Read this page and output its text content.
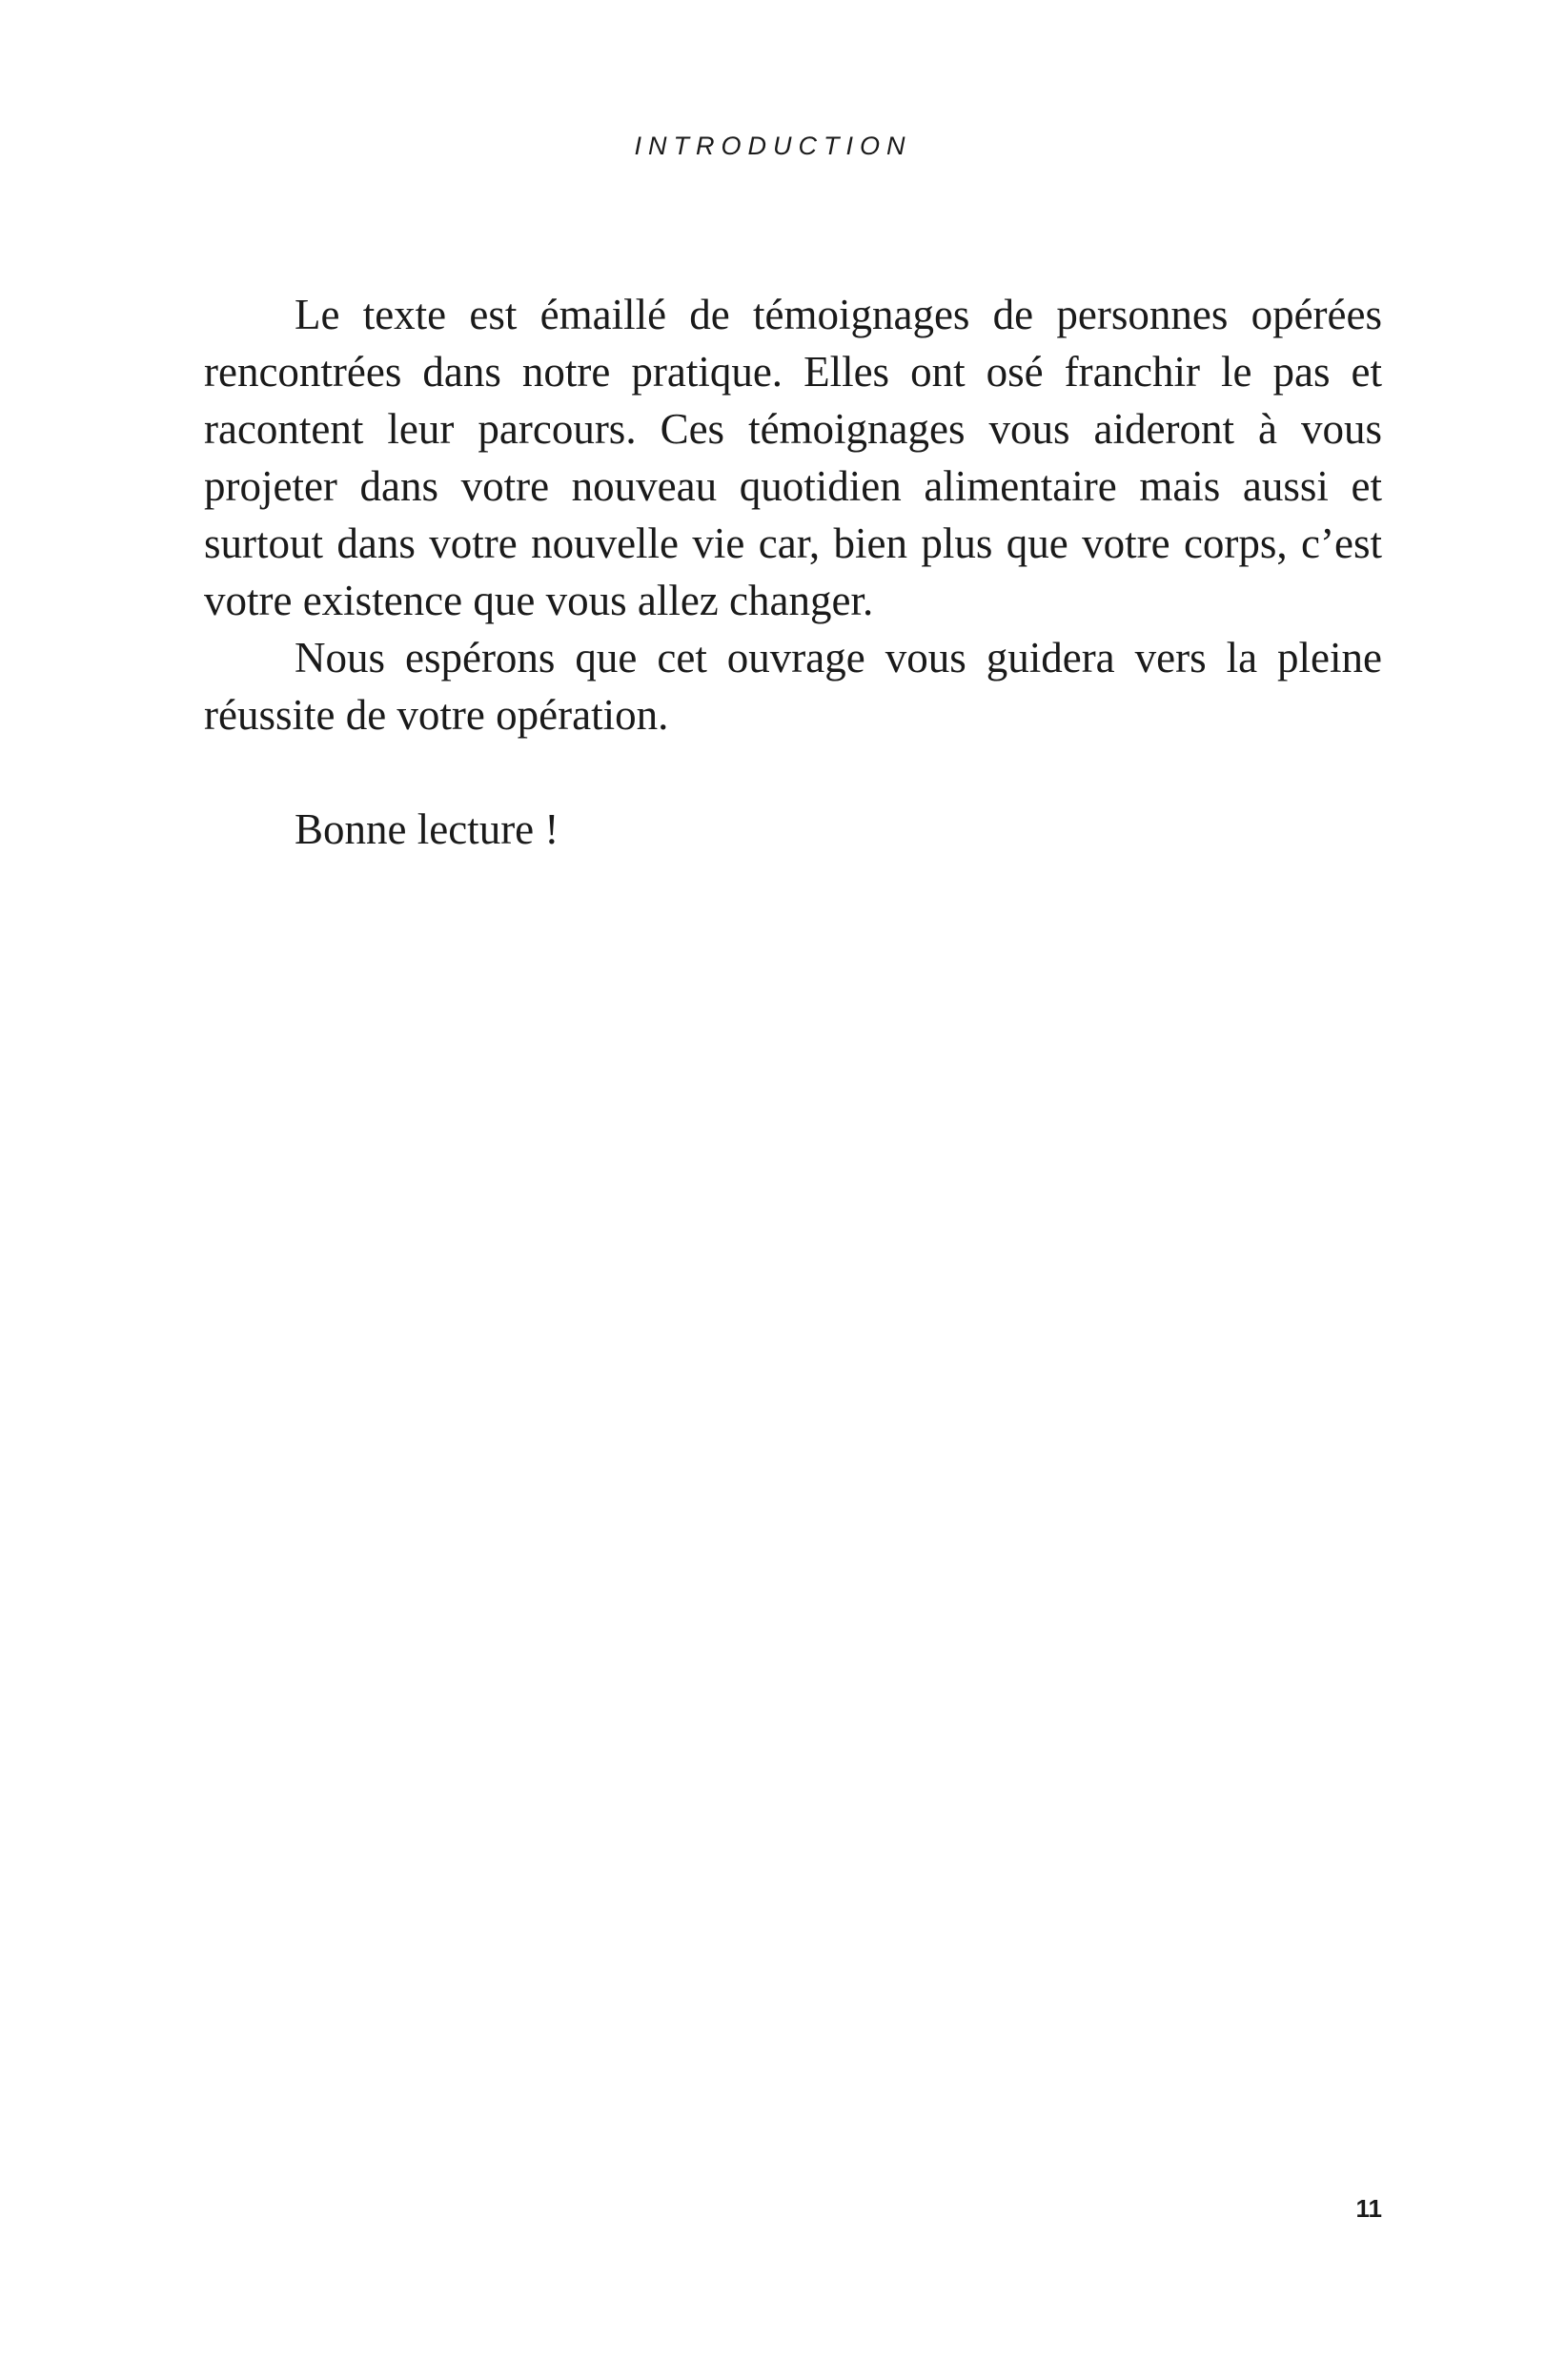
INTRODUCTION

Le texte est émaillé de témoignages de personnes opérées rencontrées dans notre pratique. Elles ont osé franchir le pas et racontent leur parcours. Ces témoignages vous aideront à vous projeter dans votre nouveau quotidien alimentaire mais aussi et surtout dans votre nouvelle vie car, bien plus que votre corps, c’est votre existence que vous allez changer.

Nous espérons que cet ouvrage vous guidera vers la pleine réussite de votre opération.

Bonne lecture !

11
